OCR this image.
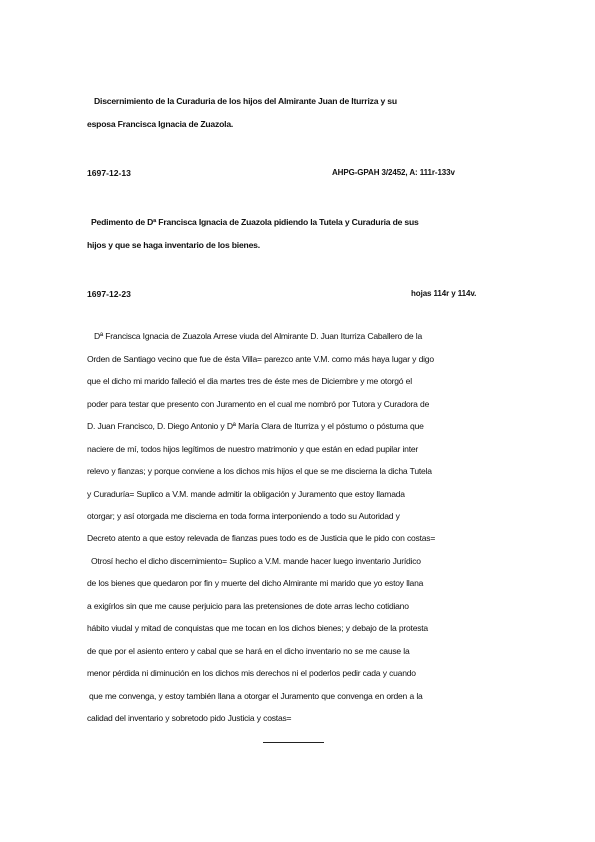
Discernimiento de la Curaduria de los hijos del Almirante Juan de Iturriza y su
esposa Francisca Ignacia de Zuazola.
1697-12-13	AHPG-GPAH 3/2452, A: 111r-133v
Pedimento de Dª Francisca Ignacia de Zuazola pidiendo la Tutela y Curaduria de sus
hijos y que se haga inventario de los bienes.
1697-12-23	hojas 114r y 114v.
Dª Francisca Ignacia de Zuazola Arrese viuda del Almirante D. Juan Iturriza Caballero de la
Orden de Santiago vecino que fue de ésta Villa= parezco ante V.M. como más haya lugar y digo
que el dicho mi marido falleció el dia martes tres de éste mes de Diciembre y me otorgó el
poder para testar que presento con Juramento en el cual me nombró por Tutora y Curadora de
D. Juan Francisco, D. Diego Antonio y Dª María Clara de Iturriza y el póstumo o póstuma que
naciere de mí, todos hijos legítimos de nuestro matrimonio y que están en edad pupilar inter
relevo y fianzas; y porque conviene a los dichos mis hijos el que se me discierna la dicha Tutela
y Curaduría= Suplico a V.M. mande admitir la obligación y Juramento que estoy llamada
otorgar; y así otorgada me discierna en toda forma interponiendo a todo su Autoridad y
Decreto atento a que estoy relevada de fianzas pues todo es de Justicia que le pido con costas=
Otrosí hecho el dicho discernimiento= Suplico a V.M. mande hacer luego inventario Jurídico
de los bienes que quedaron por fin y muerte del dicho Almirante mi marido que yo estoy llana
a exigírlos sin que me cause perjuicio para las pretensiones de dote arras lecho cotidiano
hábito viudal y mitad de conquistas que me tocan en los dichos bienes; y debajo de la protesta
de que por el asiento entero y cabal que se hará en el dicho inventario no se me cause la
menor pérdida ni diminución en los dichos mis derechos ni el poderlos pedir cada y cuando
que me convenga, y estoy también llana a otorgar el Juramento que convenga en orden a la
calidad del inventario y sobretodo pido Justicia y costas=
